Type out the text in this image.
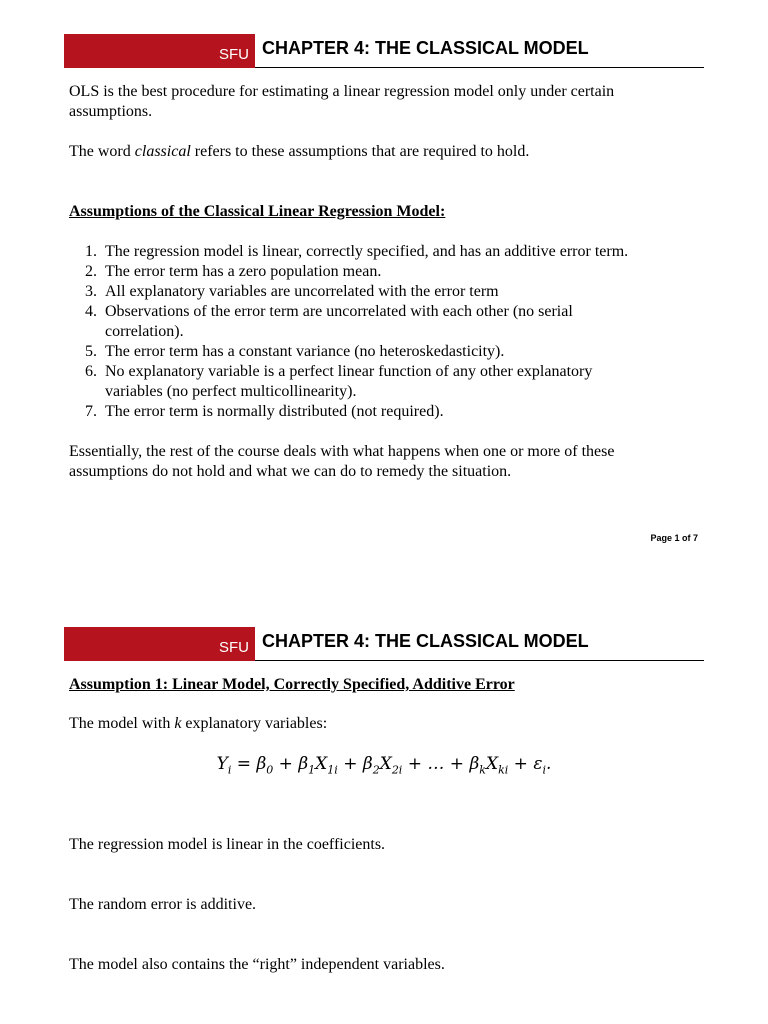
SFU CHAPTER 4: THE CLASSICAL MODEL

OLS is the best procedure for estimating a linear regression model only under certain

assumptions.

The word classical refers to these assumptions that are required to hold.

Assumptions of the Classical Linear Regression Model:

1. The regression model is linear, correctly specified, and has an additive error term.
2. The error term has a zero population mean.
3. All explanatory variables are uncorrelated with the error term
4. Observations of the error term are uncorrelated with each other (no serial
correlation).
5. The error term has a constant variance (no heteroskedasticity).
6. No explanatory variable is a perfect linear function of any other explanatory
variables (no perfect multicollinearity).
7. The error term is normally distributed (not required).

Essentially, the rest of the course deals with what happens when one or more of these

assumptions do not hold and what we can do to remedy the situation.

Page 1 of 7
SFU CHAPTER 4: THE CLASSICAL MODEL

Assumption 1: Linear Model, Correctly Specified, Additive Error

The model with k explanatory variables:

$Y_i = \beta_0 + \beta_1X_{1i} + \beta_2X_{2i}$ + … + $\beta_kX_{ki} + \varepsilon_i$.

The regression model is linear in the coefficients.

The random error is additive.

The model also contains the “right” independent variables.
